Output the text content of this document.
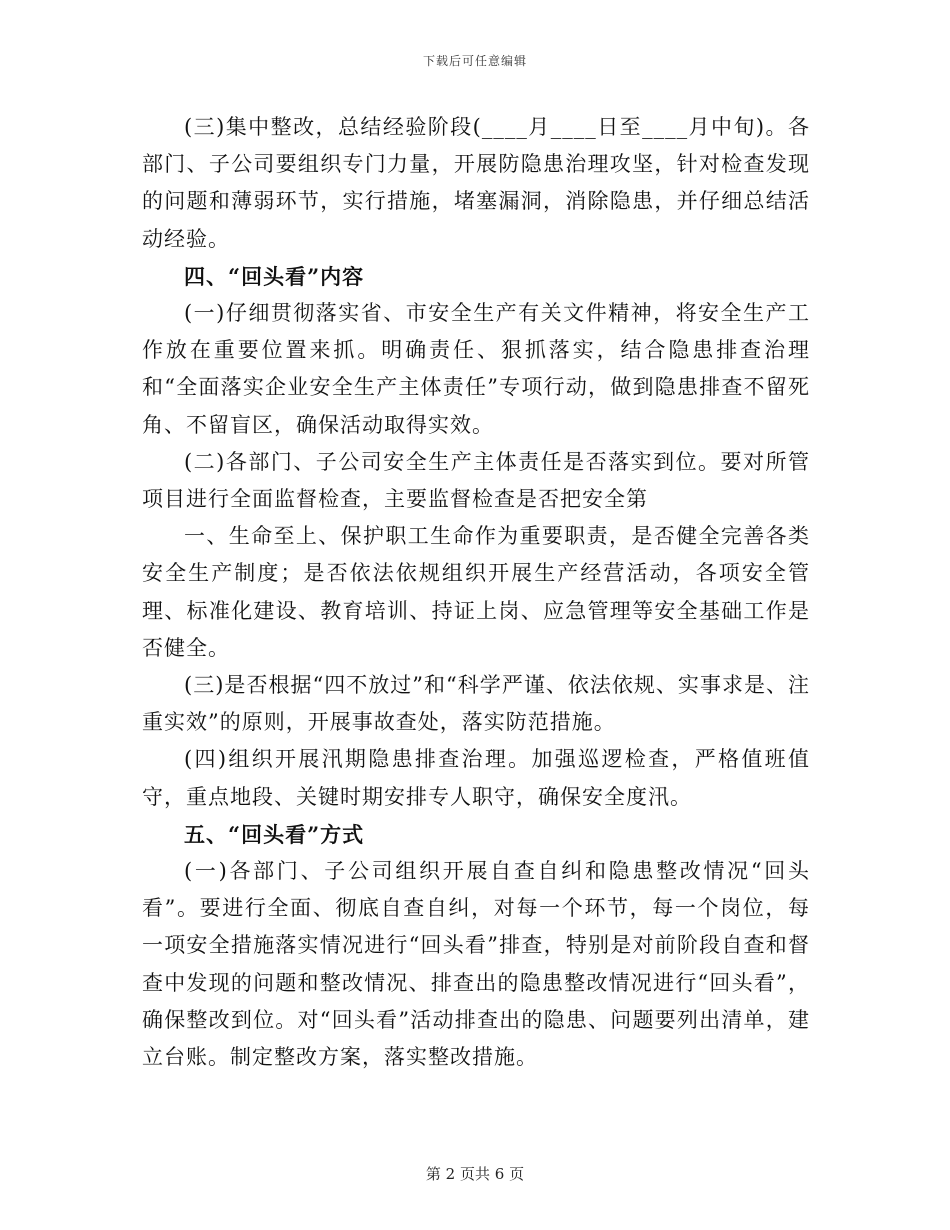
下载后可任意编辑

(三)集中整改，总结经验阶段(____月____日至____月中旬)。各部门、子公司要组织专门力量，开展防隐患治理攻坚，针对检查发现的问题和薄弱环节，实行措施，堵塞漏洞，消除隐患，并仔细总结活动经验。

四、“回头看”内容

(一)仔细贯彻落实省、市安全生产有关文件精神，将安全生产工作放在重要位置来抓。明确责任、狠抓落实，结合隐患排查治理和“全面落实企业安全生产主体责任”专项行动，做到隐患排查不留死角、不留盲区，确保活动取得实效。

(二)各部门、子公司安全生产主体责任是否落实到位。要对所管项目进行全面监督检查，主要监督检查是否把安全第

一、生命至上、保护职工生命作为重要职责，是否健全完善各类安全生产制度；是否依法依规组织开展生产经营活动，各项安全管理、标准化建设、教育培训、持证上岗、应急管理等安全基础工作是否健全。

(三)是否根据“四不放过”和“科学严谨、依法依规、实事求是、注重实效”的原则，开展事故查处，落实防范措施。

(四)组织开展汛期隐患排查治理。加强巡逻检查，严格值班值守，重点地段、关键时期安排专人职守，确保安全度汛。

五、“回头看”方式

(一)各部门、子公司组织开展自查自纠和隐患整改情况“回头看”。要进行全面、彻底自查自纠，对每一个环节，每一个岗位，每一项安全措施落实情况进行“回头看”排查，特别是对前阶段自查和督查中发现的问题和整改情况、排查出的隐患整改情况进行“回头看”，确保整改到位。对“回头看”活动排查出的隐患、问题要列出清单，建立台账。制定整改方案，落实整改措施。

第 2 页共 6 页
